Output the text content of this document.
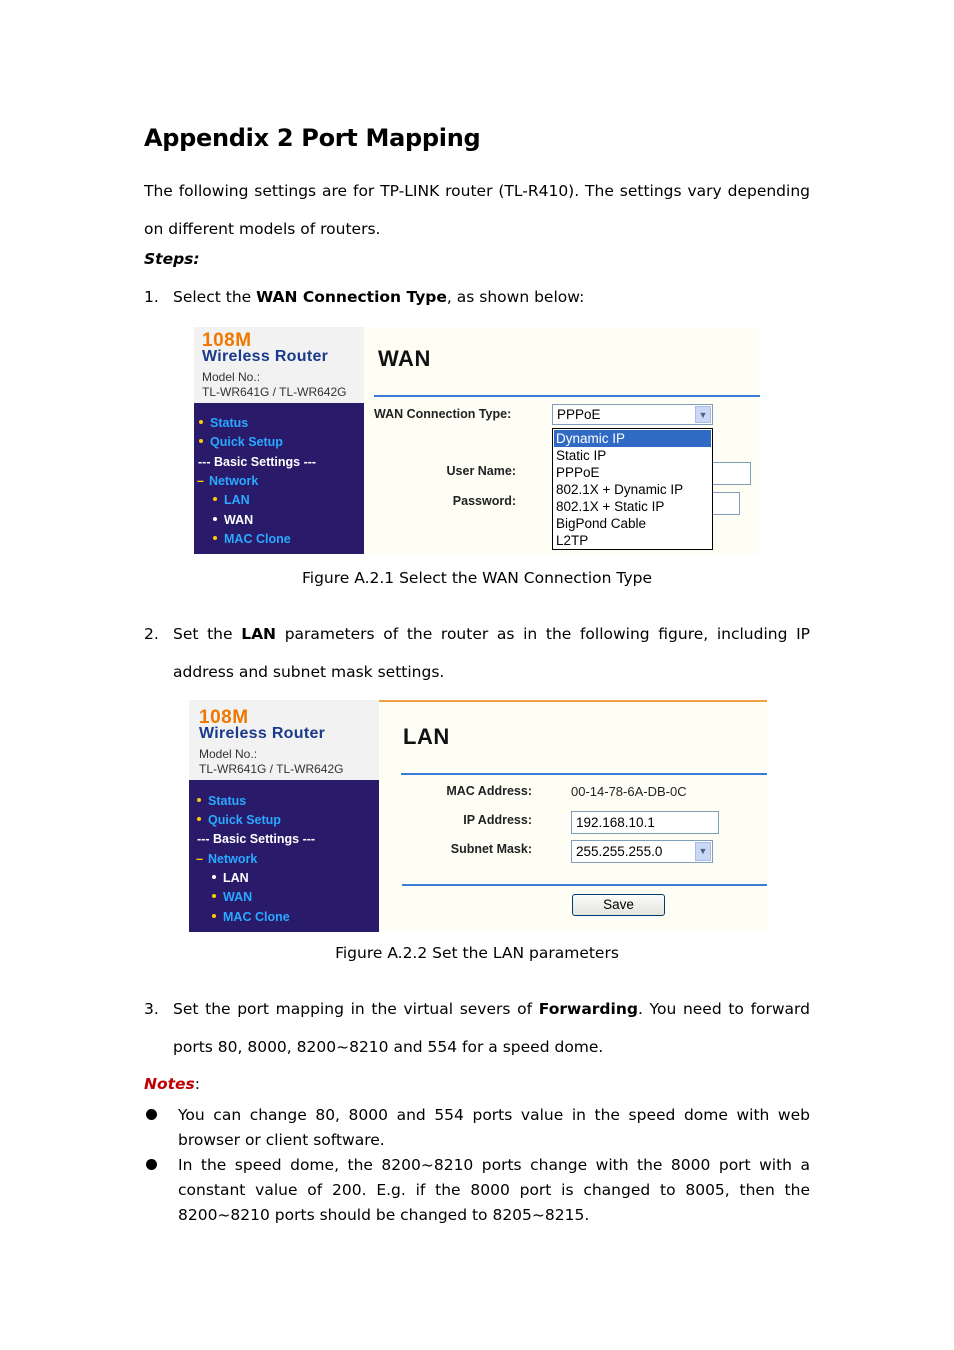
Appendix 2 Port Mapping
The following settings are for TP-LINK router (TL-R410). The settings vary depending on different models of routers.
Steps:
1. Select the WAN Connection Type, as shown below:
108M
Wireless Router
Model No.:
TL-WR641G / TL-WR642G
Status
Quick Setup
--- Basic Settings ---
– Network
LAN
WAN
MAC Clone
WAN
WAN Connection Type:	PPPoE	▼
User Name:
Password:
Dynamic IP
Static IP
PPPoE
802.1X + Dynamic IP
802.1X + Static IP
BigPond Cable
L2TP
Figure A.2.1 Select the WAN Connection Type
2. Set the LAN parameters of the router as in the following figure, including IP address and subnet mask settings.
108M
Wireless Router
Model No.:
TL-WR641G / TL-WR642G
Status
Quick Setup
--- Basic Settings ---
– Network
LAN
WAN
MAC Clone
LAN
MAC Address:	00-14-78-6A-DB-0C
IP Address:	192.168.10.1
Subnet Mask:	255.255.255.0	▼
Save
Figure A.2.2 Set the LAN parameters
3. Set the port mapping in the virtual severs of Forwarding. You need to forward ports 80, 8000, 8200~8210 and 554 for a speed dome.
Notes:
You can change 80, 8000 and 554 ports value in the speed dome with web browser or client software.
In the speed dome, the 8200~8210 ports change with the 8000 port with a constant value of 200. E.g. if the 8000 port is changed to 8005, then the 8200~8210 ports should be changed to 8205~8215.
